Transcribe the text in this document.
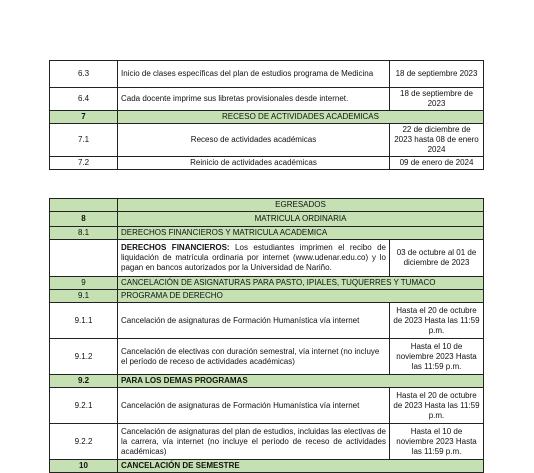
6.3	Inicio de clases específicas del plan de estudios programa de Medicina	18 de septiembre 2023
6.4	Cada docente imprime sus libretas provisionales desde internet.	18 de septiembre de 2023
7	RECESO DE ACTIVIDADES ACADEMICAS	
7.1	Receso de actividades académicas	22 de diciembre de 2023 hasta 08 de enero 2024
7.2	Reinicio de actividades académicas	09 de enero de 2024
	EGRESADOS	
8	MATRICULA ORDINARIA	
8.1	DERECHOS FINANCIEROS Y MATRICULA ACADEMICA	
	DERECHOS FINANCIEROS: Los estudiantes imprimen el recibo de liquidación de matrícula ordinaria por internet (www.udenar.edu.co) y lo pagan en bancos autorizados por la Universidad de Nariño.	03 de octubre al 01 de diciembre de 2023
9	CANCELACIÓN DE ASIGNATURAS PARA PASTO, IPIALES, TUQUERRES Y TUMACO	
9.1	PROGRAMA DE DERECHO	
9.1.1	Cancelación de asignaturas de Formación Humanística vía internet	Hasta el 20 de octubre de 2023 Hasta las 11:59 p.m.
9.1.2	Cancelación de electivas con duración semestral, vía internet (no incluye el período de receso de actividades académicas)	Hasta el 10 de noviembre 2023 Hasta las 11:59 p.m.
9.2	PARA LOS DEMAS PROGRAMAS	
9.2.1	Cancelación de asignaturas de Formación Humanística vía internet	Hasta el 20 de octubre de 2023 Hasta las 11:59 p.m.
9.2.2	Cancelación de asignaturas del plan de estudios, incluidas las electivas de la carrera, vía internet (no incluye el período de receso de actividades académicas)	Hasta el 10 de noviembre 2023 Hasta las 11:59 p.m.
10	CANCELACIÓN DE SEMESTRE	
